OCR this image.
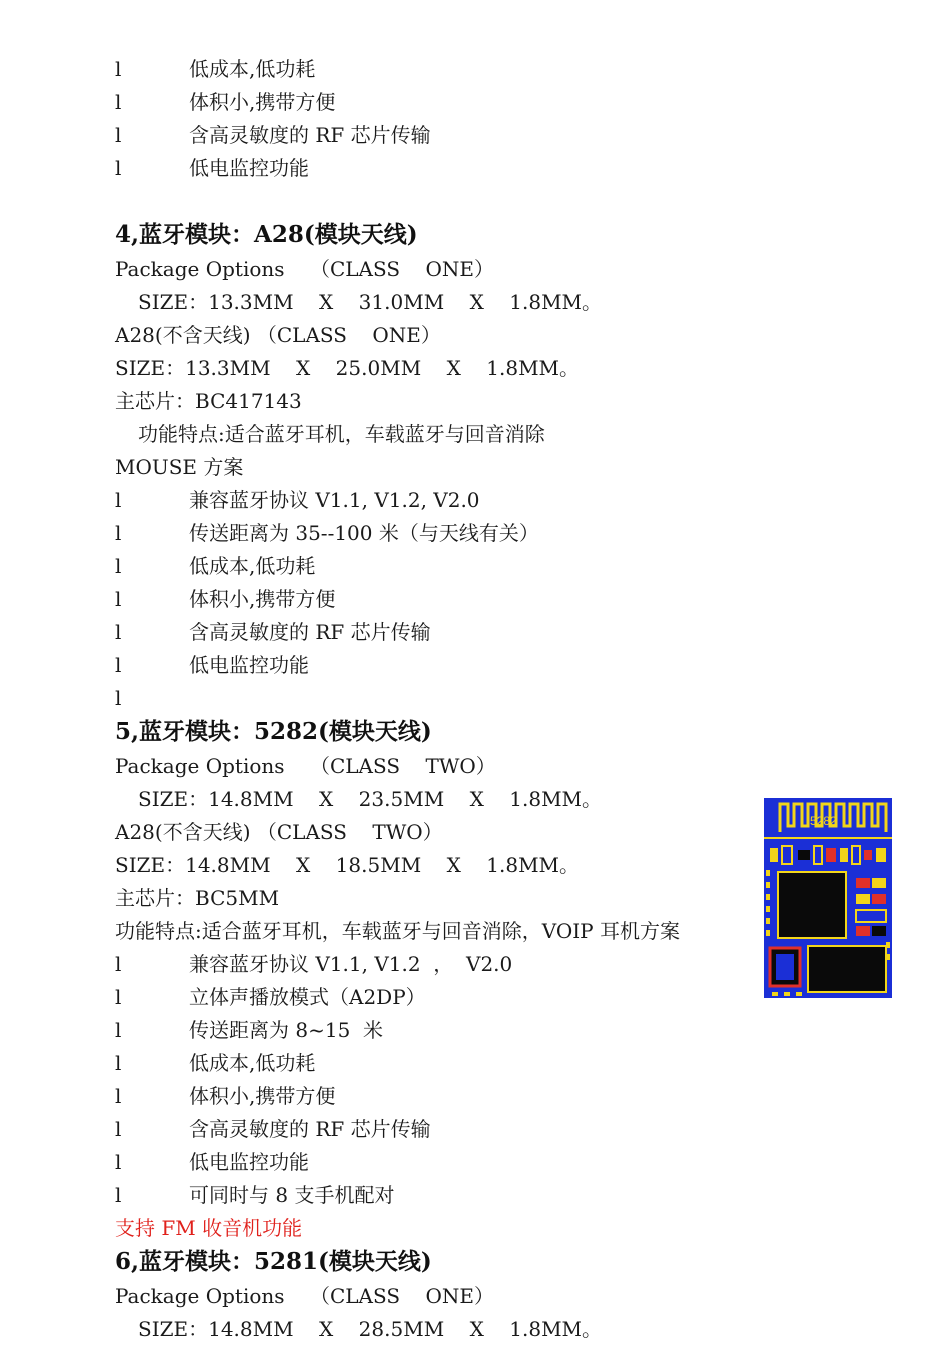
l	低成本,低功耗
l	体积小,携带方便
l	含高灵敏度的 RF 芯片传输
l	低电监控功能
4,蓝牙模块：A28(模块天线)
Package Options    （CLASS    ONE）
SIZE：13.3MM    X    31.0MM    X    1.8MM。
A28(不含天线) （CLASS    ONE）
SIZE：13.3MM    X    25.0MM    X    1.8MM。
主芯片：BC417143
功能特点:适合蓝牙耳机，车载蓝牙与回音消除
MOUSE 方案
l	兼容蓝牙协议 V1.1, V1.2, V2.0
l	传送距离为 35--100 米（与天线有关）
l	低成本,低功耗
l	体积小,携带方便
l	含高灵敏度的 RF 芯片传输
l	低电监控功能
l
5,蓝牙模块：5282(模块天线)
Package Options    （CLASS    TWO）
SIZE：14.8MM    X    23.5MM    X    1.8MM。
A28(不含天线) （CLASS    TWO）
SIZE：14.8MM    X    18.5MM    X    1.8MM。
主芯片：BC5MM
功能特点:适合蓝牙耳机，车载蓝牙与回音消除，VOIP 耳机方案
l	兼容蓝牙协议 V1.1, V1.2  ，  V2.0
l	立体声播放模式（A2DP）
l	传送距离为 8~15  米
l	低成本,低功耗
l	体积小,携带方便
l	含高灵敏度的 RF 芯片传输
l	低电监控功能
l	可同时与 8 支手机配对
支持 FM 收音机功能
5282
6,蓝牙模块：5281(模块天线)
Package Options    （CLASS    ONE）
SIZE：14.8MM    X    28.5MM    X    1.8MM。
